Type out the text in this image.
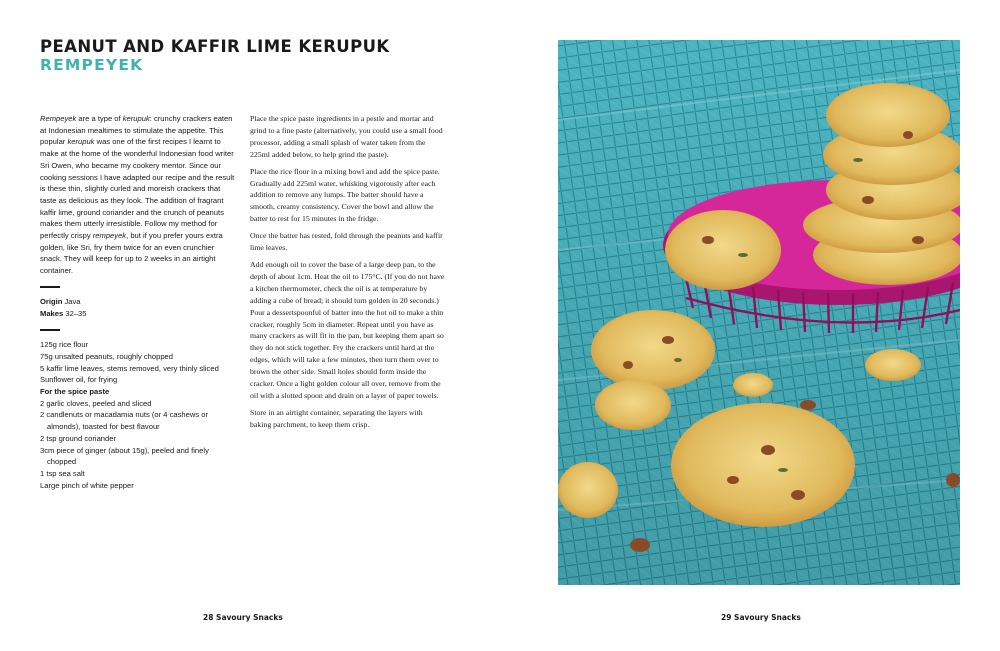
PEANUT AND KAFFIR LIME KERUPUK
REMPEYEK

Rempeyek are a type of kerupuk: crunchy crackers eaten at Indonesian mealtimes to stimulate the appetite. This popular kerupuk was one of the first recipes I learnt to make at the home of the wonderful Indonesian food writer Sri Owen, who became my cookery mentor. Since our cooking sessions I have adapted our recipe and the result is these thin, slightly curled and moreish crackers that taste as delicious as they look. The addition of fragrant kaffir lime, ground coriander and the crunch of peanuts makes them utterly irresistible. Follow my method for perfectly crispy rempeyek, but if you prefer yours extra golden, like Sri, fry them twice for an even crunchier snack. They will keep for up to 2 weeks in an airtight container.

Origin Java

Makes 32–35

125g rice flour

75g unsalted peanuts, roughly chopped

5 kaffir lime leaves, stems removed, very thinly sliced

Sunflower oil, for frying

For the spice paste

2 garlic cloves, peeled and sliced

2 candlenuts or macadamia nuts (or 4 cashews or almonds), toasted for best flavour

2 tsp ground coriander

3cm piece of ginger (about 15g), peeled and finely chopped

1 tsp sea salt

Large pinch of white pepper

Place the spice paste ingredients in a pestle and mortar and grind to a fine paste (alternatively, you could use a small food processor, adding a small splash of water taken from the 225ml added below, to help grind the paste).

Place the rice flour in a mixing bowl and add the spice paste. Gradually add 225ml water, whisking vigorously after each addition to remove any lumps. The batter should have a smooth, creamy consistency. Cover the bowl and allow the batter to rest for 15 minutes in the fridge.

Once the batter has rested, fold through the peanuts and kaffir lime leaves.

Add enough oil to cover the base of a large deep pan, to the depth of about 1cm. Heat the oil to 175°C. (If you do not have a kitchen thermometer, check the oil is at temperature by adding a cube of bread; it should turn golden in 20 seconds.) Pour a dessertspoonful of batter into the hot oil to make a thin cracker, roughly 5cm in diameter. Repeat until you have as many crackers as will fit in the pan, but keeping them apart so they do not stick together. Fry the crackers until hard at the edges, which will take a few minutes, then turn them over to brown the other side. Small holes should form inside the cracker. Once a light golden colour all over, remove from the oil with a slotted spoon and drain on a layer of paper towels.

Store in an airtight container, separating the layers with baking parchment, to keep them crisp.

28 Savoury Snacks	29 Savoury Snacks
